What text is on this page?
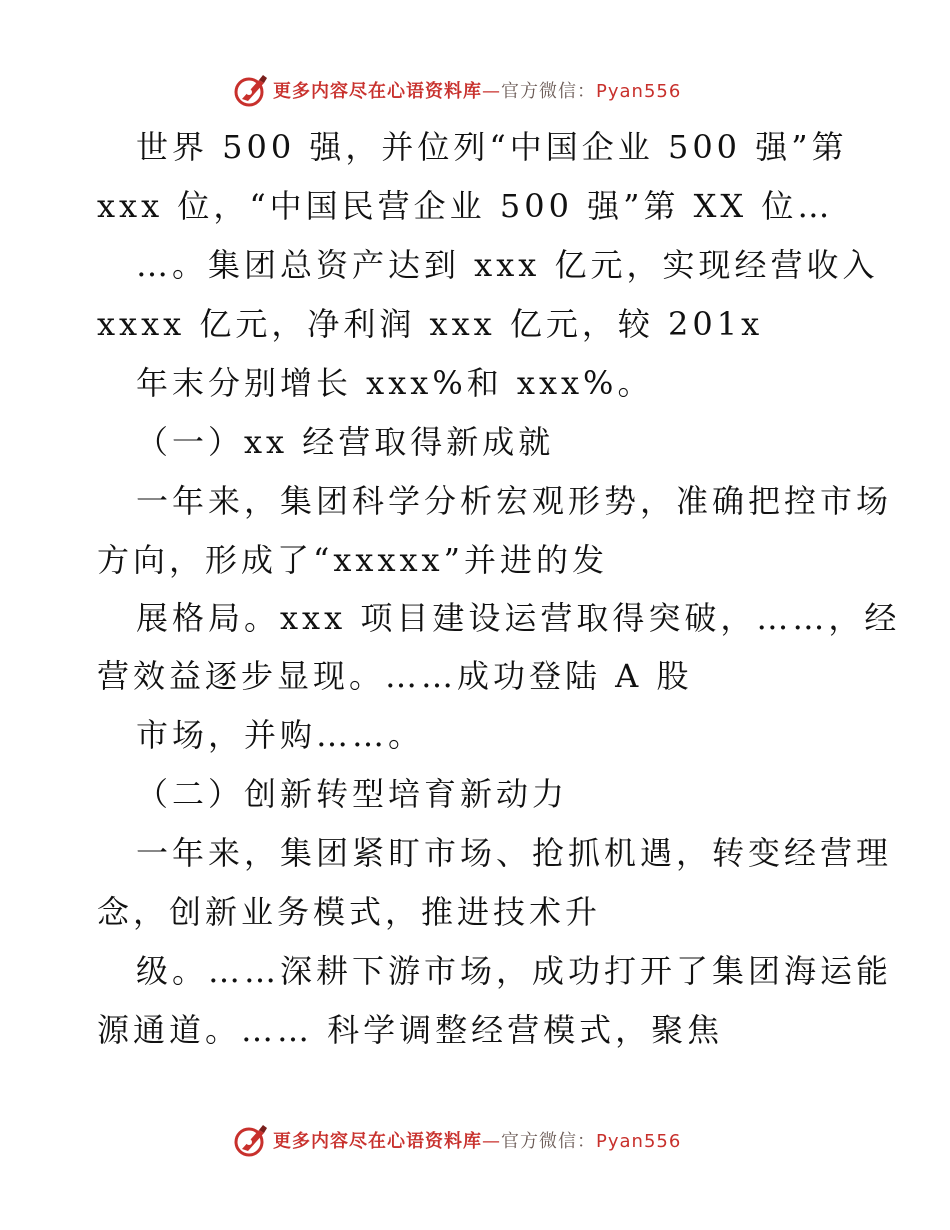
更多内容尽在心语资料库—官方微信：Pyan556
世界 500 强，并位列“中国企业 500 强”第
xxx 位，“中国民营企业 500 强”第 XX 位…
…。集团总资产达到 xxx 亿元，实现经营收入
xxxx 亿元，净利润 xxx 亿元，较 201x
年末分别增长 xxx%和 xxx%。
（一）xx 经营取得新成就
一年来，集团科学分析宏观形势，准确把控市场
方向，形成了“xxxxx”并进的发
展格局。xxx 项目建设运营取得突破，……，经
营效益逐步显现。……成功登陆 A 股
市场，并购……。
（二）创新转型培育新动力
一年来，集团紧盯市场、抢抓机遇，转变经营理
念，创新业务模式，推进技术升
级。……深耕下游市场，成功打开了集团海运能
源通道。…… 科学调整经营模式，聚焦
更多内容尽在心语资料库—官方微信：Pyan556
